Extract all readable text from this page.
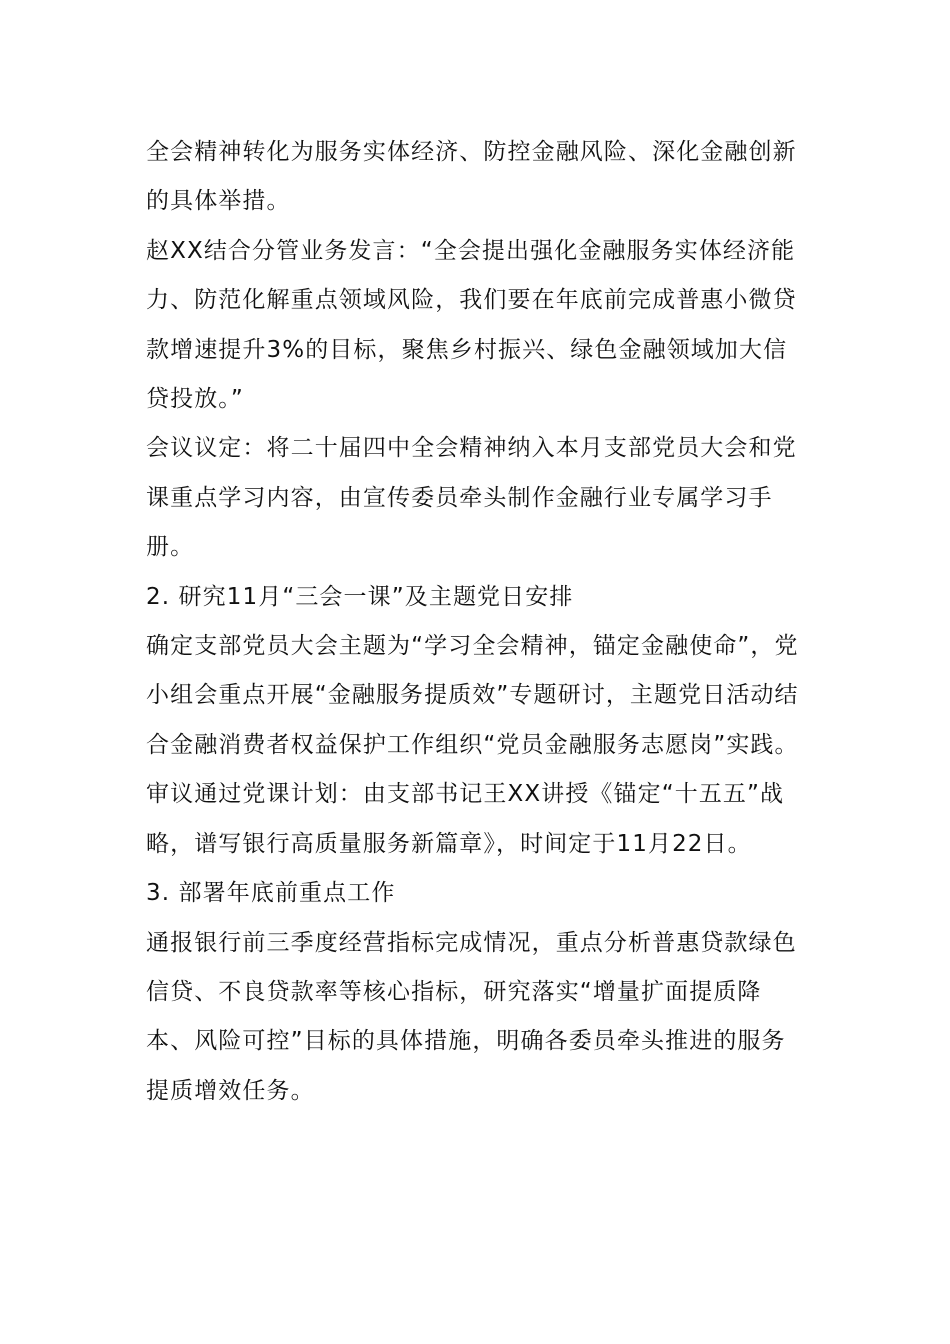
全会精神转化为服务实体经济、防控金融风险、深化金融创新的具体举措。

赵XX结合分管业务发言：“全会提出强化金融服务实体经济能力、防范化解重点领域风险，我们要在年底前完成普惠小微贷款增速提升3%的目标，聚焦乡村振兴、绿色金融领域加大信贷投放。”

会议议定：将二十届四中全会精神纳入本月支部党员大会和党课重点学习内容，由宣传委员牵头制作金融行业专属学习手册。

2. 研究11月“三会一课”及主题党日安排

确定支部党员大会主题为“学习全会精神，锚定金融使命”，党小组会重点开展“金融服务提质效”专题研讨，主题党日活动结合金融消费者权益保护工作组织“党员金融服务志愿岗”实践。

审议通过党课计划：由支部书记王XX讲授《锚定“十五五”战略，谱写银行高质量服务新篇章》，时间定于11月22日。

3. 部署年底前重点工作

通报银行前三季度经营指标完成情况，重点分析普惠贷款绿色信贷、不良贷款率等核心指标，研究落实“增量扩面提质降本、风险可控”目标的具体措施，明确各委员牵头推进的服务提质增效任务。
